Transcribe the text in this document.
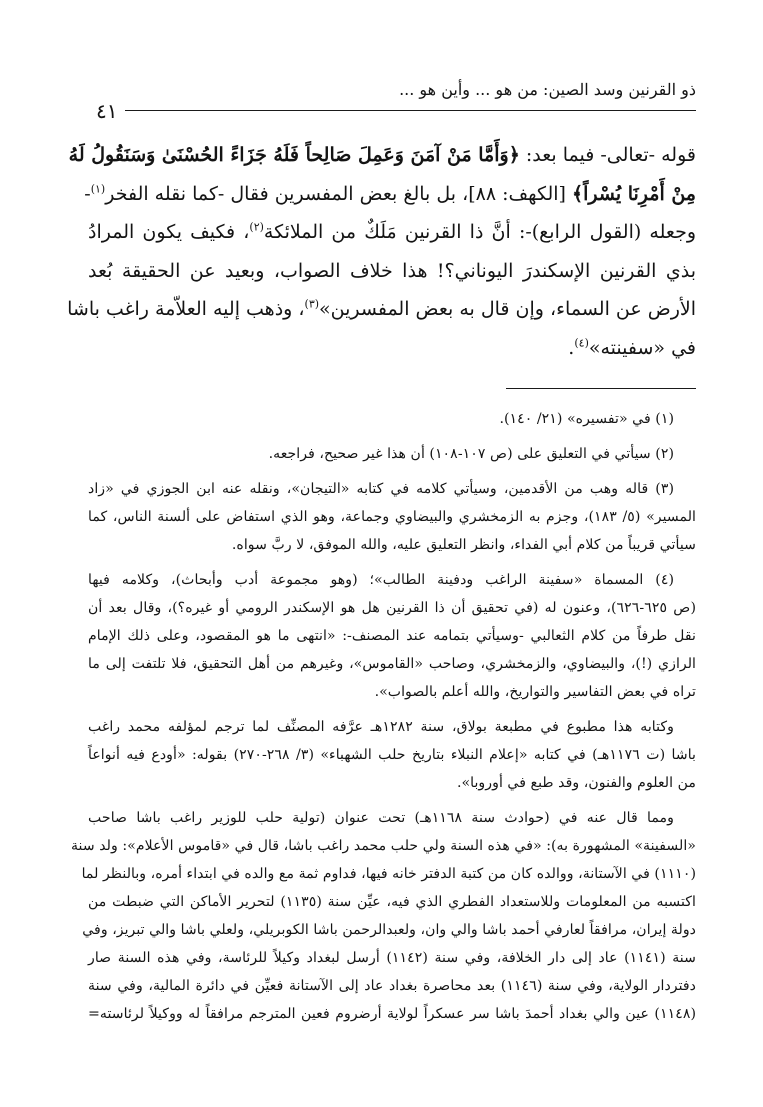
ذو القرنين وسد الصين: من هو ... وأين هو ...
٤١
قوله -تعالى- فيما بعد: ﴿وَأَمَّا مَنْ آمَنَ وَعَمِلَ صَالِحاً فَلَهُ جَزَاءً الحُسْنَىٰ وَسَنَقُولُ لَهُ
مِنْ أَمْرِنَا يُسْراً﴾ [الكهف: ٨٨]، بل بالغ بعض المفسرين فقال -كما نقله الفخر$^{(١)}$-
وجعله (القول الرابع)-: أنَّ ذا القرنين مَلَكٌ من الملائكة$^{(٢)}$، فكيف يكون المرادُ
بذي القرنين الإسكندرَ اليوناني؟! هذا خلاف الصواب، وبعيد عن الحقيقة بُعد
الأرض عن السماء، وإن قال به بعض المفسرين»$^{(٣)}$، وذهب إليه العلاّمة راغب باشا
في «سفينته»$^{(٤)}$.
(١) في «تفسيره» (٢١/ ١٤٠).
(٢) سيأتي في التعليق على (ص ١٠٧-١٠٨) أن هذا غير صحيح، فراجعه.
(٣) قاله وهب من الأقدمين، وسيأتي كلامه في كتابه «التيجان»، ونقله عنه ابن الجوزي في «زاد
المسير» (٥/ ١٨٣)، وجزم به الزمخشري والبيضاوي وجماعة، وهو الذي استفاض على ألسنة الناس، كما
سيأتي قريباً من كلام أبي الفداء، وانظر التعليق عليه، والله الموفق، لا ربَّ سواه.
(٤) المسماة «سفينة الراغب ودفينة الطالب»؛ (وهو مجموعة أدب وأبحاث)، وكلامه فيها
(ص ٦٢٥-٦٢٦)، وعنون له (في تحقيق أن ذا القرنين هل هو الإسكندر الرومي أو غيره؟)، وقال بعد أن
نقل طرفاً من كلام الثعالبي -وسيأتي بتمامه عند المصنف-: «انتهى ما هو المقصود، وعلى ذلك الإمام
الرازي (!)، والبيضاوي، والزمخشري، وصاحب «القاموس»، وغيرهم من أهل التحقيق، فلا تلتفت إلى ما
تراه في بعض التفاسير والتواريخ، والله أعلم بالصواب».
وكتابه هذا مطبوع في مطبعة بولاق، سنة ١٢٨٢هـ عرَّفه المصنِّف لما ترجم لمؤلفه محمد راغب
باشا (ت ١١٧٦هـ) في كتابه «إعلام النبلاء بتاريخ حلب الشهباء» (٣/ ٢٦٨-٢٧٠) بقوله: «أودع فيه أنواعاً
من العلوم والفنون، وقد طبع في أوروبا».
ومما قال عنه في (حوادث سنة ١١٦٨هـ) تحت عنوان (تولية حلب للوزير راغب باشا صاحب
«السفينة» المشهورة به): «في هذه السنة ولي حلب محمد راغب باشا، قال في «قاموس الأعلام»: ولد سنة
(١١١٠) في الآستانة، ووالده كان من كتبة الدفتر خانه فيها، فداوم ثمة مع والده في ابتداء أمره، وبالنظر لما
اكتسبه من المعلومات وللاستعداد الفطري الذي فيه، عيِّن سنة (١١٣٥) لتحرير الأماكن التي ضبطت من
دولة إيران، مرافقاً لعارفي أحمد باشا والي وان، ولعبدالرحمن باشا الكوبريلي، ولعلي باشا والي تبريز، وفي
سنة (١١٤١) عاد إلى دار الخلافة، وفي سنة (١١٤٢) أرسل لبغداد وكيلاً للرئاسة، وفي هذه السنة صار
دفتردار الولاية، وفي سنة (١١٤٦) بعد محاصرة بغداد عاد إلى الآستانة فعيِّن في دائرة المالية، وفي سنة
(١١٤٨) عين والي بغداد أحمدَ باشا سر عسكراً لولاية أرضروم فعين المترجم مرافقاً له ووكيلاً لرئاسته=
